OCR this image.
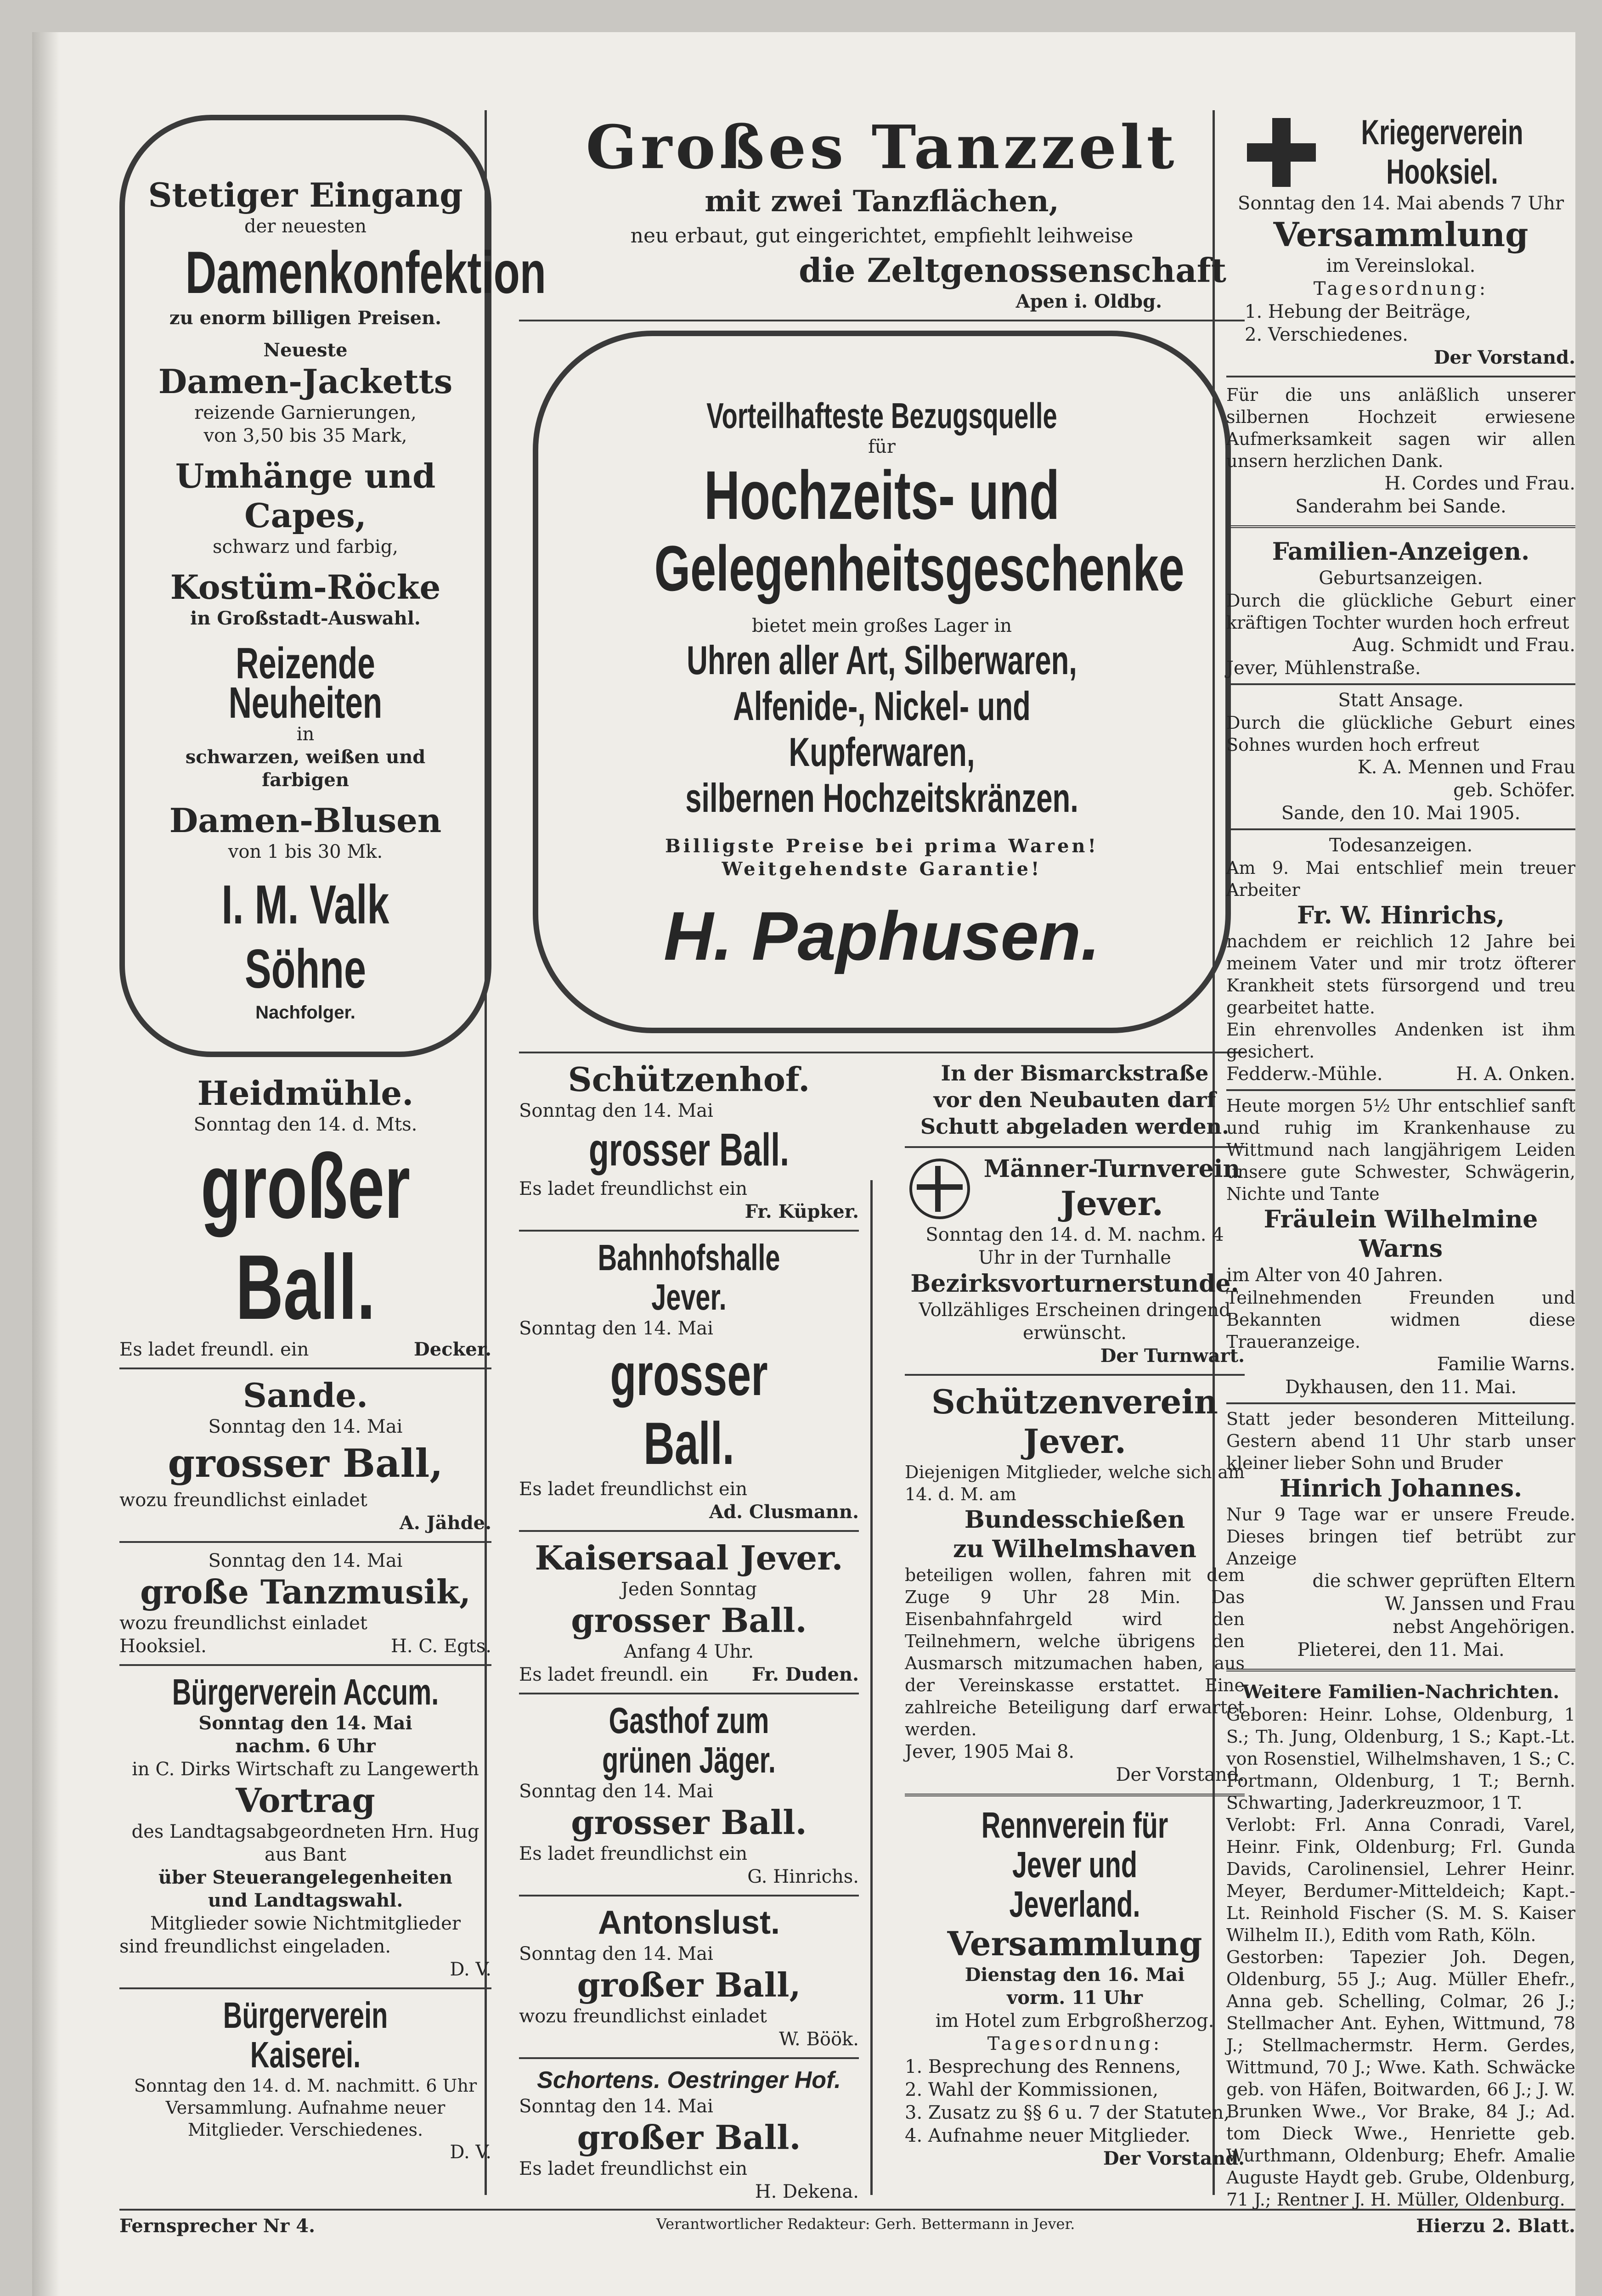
Stetiger Eingang

der neuesten

Damenkonfektion

zu enorm billigen Preisen.

Neueste

Damen-Jacketts

reizende Garnierungen,

von 3,50 bis 35 Mark,

Umhänge und Capes,

schwarz und farbig,

Kostüm-Röcke

in Großstadt-Auswahl.

Reizende Neuheiten

in

schwarzen, weißen und farbigen

Damen-Blusen

von 1 bis 30 Mk.

I. M. Valk Söhne

Nachfolger.

Heidmühle.

Sonntag den 14. d. Mts.

großer Ball.

Es ladet freundl. ein	Decker.

Sande.

Sonntag den 14. Mai

grosser Ball,

wozu freundlichst einladet

A. Jähde.

Sonntag den 14. Mai

große Tanzmusik,

wozu freundlichst einladet

Hooksiel.	H. C. Egts.

Bürgerverein Accum.

Sonntag den 14. Mai

nachm. 6 Uhr

in C. Dirks Wirtschaft zu Langewerth

Vortrag

des Landtagsabgeordneten Hrn. Hug

aus Bant

über Steuerangelegenheiten

und Landtagswahl.

Mitglieder sowie Nichtmitglieder

sind freundlichst eingeladen.

D. V.

Bürgerverein Kaiserei.

Sonntag den 14. d. M. nachmitt. 6 Uhr Versammlung. Aufnahme neuer Mitglieder. Verschiedenes.

D. V.

Großes Tanzzelt

mit zwei Tanzflächen,

neu erbaut, gut eingerichtet, empfiehlt leihweise

die Zeltgenossenschaft

Apen i. Oldbg.

Vorteilhafteste Bezugsquelle

für

Hochzeits- und

Gelegenheitsgeschenke

bietet mein großes Lager in

Uhren aller Art, Silberwaren,

Alfenide-, Nickel- und

Kupferwaren,

silbernen Hochzeitskränzen.

Billigste Preise bei prima Waren!

Weitgehendste Garantie!

H. Paphusen.

Schützenhof.

Sonntag den 14. Mai

grosser Ball.

Es ladet freundlichst ein

Fr. Küpker.

Bahnhofshalle Jever.

Sonntag den 14. Mai

grosser Ball.

Es ladet freundlichst ein

Ad. Clusmann.

Kaisersaal Jever.

Jeden Sonntag

grosser Ball.

Anfang 4 Uhr.

Es ladet freundl. ein Fr. Duden.

Gasthof zum grünen Jäger.

Sonntag den 14. Mai

grosser Ball.

Es ladet freundlichst ein

G. Hinrichs.

Antonslust.

Sonntag den 14. Mai

großer Ball,

wozu freundlichst einladet

W. Böök.

Schortens. Oestringer Hof.

Sonntag den 14. Mai

großer Ball.

Es ladet freundlichst ein

H. Dekena.

In der Bismarckstraße

vor den Neubauten darf

Schutt abgeladen werden.

Männer-Turnverein

Jever.

Sonntag den 14. d. M. nachm. 4 Uhr in der Turnhalle

Bezirksvorturnerstunde.

Vollzähliges Erscheinen dringend erwünscht.

Der Turnwart.

Schützenverein Jever.

Diejenigen Mitglieder, welche sich am 14. d. M. am

Bundesschießen

zu Wilhelmshaven

beteiligen wollen, fahren mit dem Zuge 9 Uhr 28 Min. Das Eisenbahnfahrgeld wird den Teilnehmern, welche übrigens den Ausmarsch mitzumachen haben, aus der Vereinskasse erstattet. Eine zahlreiche Beteiligung darf erwartet werden.

Jever, 1905 Mai 8.

Der Vorstand.

Rennverein für

Jever und Jeverland.

Versammlung

Dienstag den 16. Mai

vorm. 11 Uhr

im Hotel zum Erbgroßherzog.

Tagesordnung:

1. Besprechung des Rennens,

2. Wahl der Kommissionen,

3. Zusatz zu §§ 6 u. 7 der Statuten,

4. Aufnahme neuer Mitglieder.

Der Vorstand.

Kriegerverein

Hooksiel.

Sonntag den 14. Mai abends 7 Uhr

Versammlung

im Vereinslokal.

Tagesordnung:

1. Hebung der Beiträge,

2. Verschiedenes.

Der Vorstand.

Für die uns anläßlich unserer silbernen Hochzeit erwiesene Aufmerksamkeit sagen wir allen unsern herzlichen Dank.

H. Cordes und Frau.

Sanderahm bei Sande.

Familien-Anzeigen.

Geburtsanzeigen.

Durch die glückliche Geburt einer kräftigen Tochter wurden hoch erfreut

Aug. Schmidt und Frau.

Jever, Mühlenstraße.

Statt Ansage.

Durch die glückliche Geburt eines Sohnes wurden hoch erfreut

K. A. Mennen und Frau

geb. Schöfer.

Sande, den 10. Mai 1905.

Todesanzeigen.

Am 9. Mai entschlief mein treuer Arbeiter

Fr. W. Hinrichs,

nachdem er reichlich 12 Jahre bei meinem Vater und mir trotz öfterer Krankheit stets fürsorgend und treu gearbeitet hatte.

Ein ehrenvolles Andenken ist ihm gesichert.

Fedderw.-Mühle.	H. A. Onken.

Heute morgen 5½ Uhr entschlief sanft und ruhig im Krankenhause zu Wittmund nach langjährigem Leiden unsere gute Schwester, Schwägerin, Nichte und Tante

Fräulein Wilhelmine Warns

im Alter von 40 Jahren.

Teilnehmenden Freunden und Bekannten widmen diese Traueranzeige.

Familie Warns.

Dykhausen, den 11. Mai.

Statt jeder besonderen Mitteilung. Gestern abend 11 Uhr starb unser kleiner lieber Sohn und Bruder

Hinrich Johannes.

Nur 9 Tage war er unsere Freude. Dieses bringen tief betrübt zur Anzeige

die schwer geprüften Eltern

W. Janssen und Frau

nebst Angehörigen.

Plieterei, den 11. Mai.

Weitere Familien-Nachrichten.

Geboren: Heinr. Lohse, Oldenburg, 1 S.; Th. Jung, Oldenburg, 1 S.; Kapt.-Lt. von Rosenstiel, Wilhelmshaven, 1 S.; C. Fortmann, Oldenburg, 1 T.; Bernh. Schwarting, Jaderkreuzmoor, 1 T.

Verlobt: Frl. Anna Conradi, Varel, Heinr. Fink, Oldenburg; Frl. Gunda Davids, Carolinensiel, Lehrer Heinr. Meyer, Berdumer-Mitteldeich; Kapt.-Lt. Reinhold Fischer (S. M. S. Kaiser Wilhelm II.), Edith vom Rath, Köln.

Gestorben: Tapezier Joh. Degen, Oldenburg, 55 J.; Aug. Müller Ehefr., Anna geb. Schelling, Colmar, 26 J.; Stellmacher Ant. Eyhen, Wittmund, 78 J.; Stellmachermstr. Herm. Gerdes, Wittmund, 70 J.; Wwe. Kath. Schwäcke geb. von Häfen, Boitwarden, 66 J.; J. W. Brunken Wwe., Vor Brake, 84 J.; Ad. tom Dieck Wwe., Henriette geb. Wurthmann, Oldenburg; Ehefr. Amalie Auguste Haydt geb. Grube, Oldenburg, 71 J.; Rentner J. H. Müller, Oldenburg.

Fernsprecher Nr 4.	Verantwortlicher Redakteur: Gerh. Bettermann in Jever.	Hierzu 2. Blatt.
